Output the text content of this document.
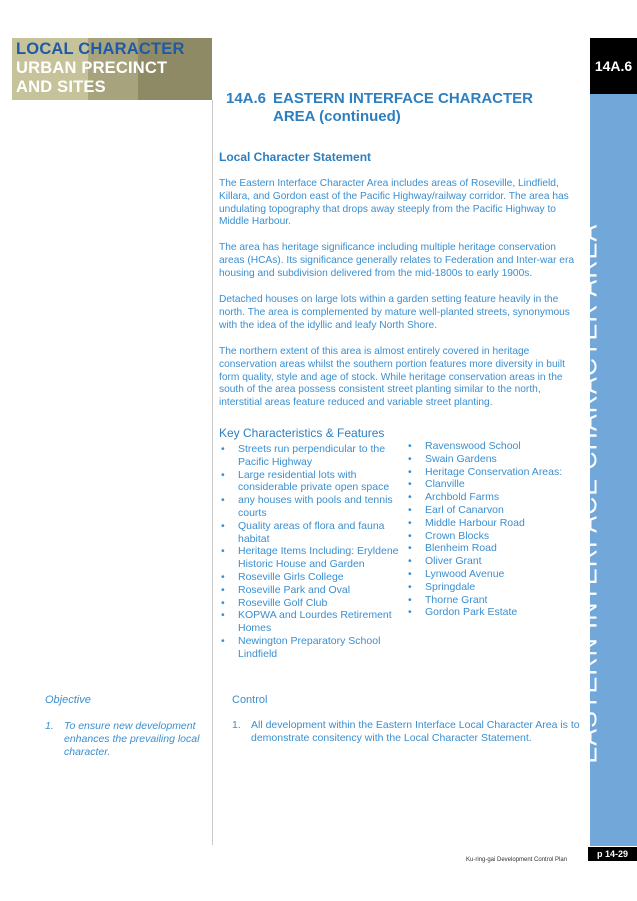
LOCAL CHARACTER
URBAN PRECINCT
AND SITES
14A.6 EASTERN INTERFACE CHARACTER
AREA (continued)
Local Character Statement
The Eastern Interface Character Area includes areas of Roseville, Lindfield, Killara, and Gordon east of the Pacific Highway/railway corridor. The area has undulating topography that drops away steeply from the Pacific Highway to Middle Harbour.
The area has heritage significance including multiple heritage conservation areas (HCAs). Its significance generally relates to Federation and Inter-war era housing and subdivision delivered from the mid-1800s to early 1900s.
Detached houses on large lots within a garden setting feature heavily in the north. The area is complemented by mature well-planted streets, synonymous with the idea of the idyllic and leafy North Shore.
The northern extent of this area is almost entirely covered in heritage conservation areas whilst the southern portion features more diversity in built form quality, style and age of stock. While heritage conservation areas in the south of the area possess consistent street planting similar to the north, interstitial areas feature reduced and variable street planting.
Key Characteristics & Features
• Streets run perpendicular to the Pacific Highway
• Large residential lots with considerable private open space
• any houses with pools and tennis courts
• Quality areas of flora and fauna habitat
• Heritage Items Including: Eryldene Historic House and Garden
• Roseville Girls College
• Roseville Park and Oval
• Roseville Golf Club
• KOPWA and Lourdes Retirement Homes
• Newington Preparatory School Lindfield
• Ravenswood School
• Swain Gardens
• Heritage Conservation Areas:
• Clanville
• Archbold Farms
• Earl of Canarvon
• Middle Harbour Road
• Crown Blocks
• Blenheim Road
• Oliver Grant
• Lynwood Avenue
• Springdale
• Thorne Grant
• Gordon Park Estate
Objective
1. To ensure new development enhances the prevailing local character.
Control
1. All development within the Eastern Interface Local Character Area is to demonstrate consitency with the Local Character Statement.
14A.6
EASTERN INTERFACE CHARACTER AREA
Ku-ring-gai Development Control Plan
p 14-29
